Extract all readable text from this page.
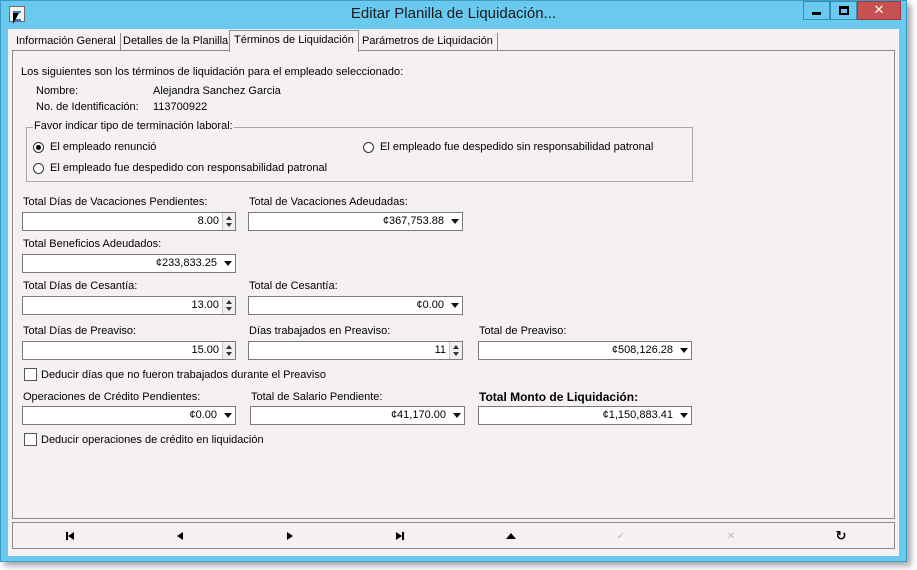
Editar Planilla de Liquidación...	✕
Información General Detalles de la Planilla Términos de Liquidación Parámetros de Liquidación
Los siguientes son los términos de liquidación para el empleado seleccionado:
Nombre:	Alejandra Sanchez Garcia
No. de Identificación: 113700922
Favor indicar tipo de terminación laboral:
El empleado renunció	El empleado fue despedido sin responsabilidad patronal
El empleado fue despedido con responsabilidad patronal
Total Días de Vacaciones Pendientes:
8.00
Total de Vacaciones Adeudadas:
¢367,753.88
Total Beneficios Adeudados:
¢233,833.25
Total Días de Cesantía:
13.00
Total de Cesantía:
¢0.00
Total Días de Preaviso:
15.00
Días trabajados en Preaviso:
11
Total de Preaviso:
¢508,126.28
Deducir días que no fueron trabajados durante el Preaviso
Operaciones de Crédito Pendientes:
¢0.00
Total de Salario Pendiente:
¢41,170.00
Total Monto de Liquidación:
¢1,150,883.41
Deducir operaciones de crédito en liquidación
✓	✕	↻
